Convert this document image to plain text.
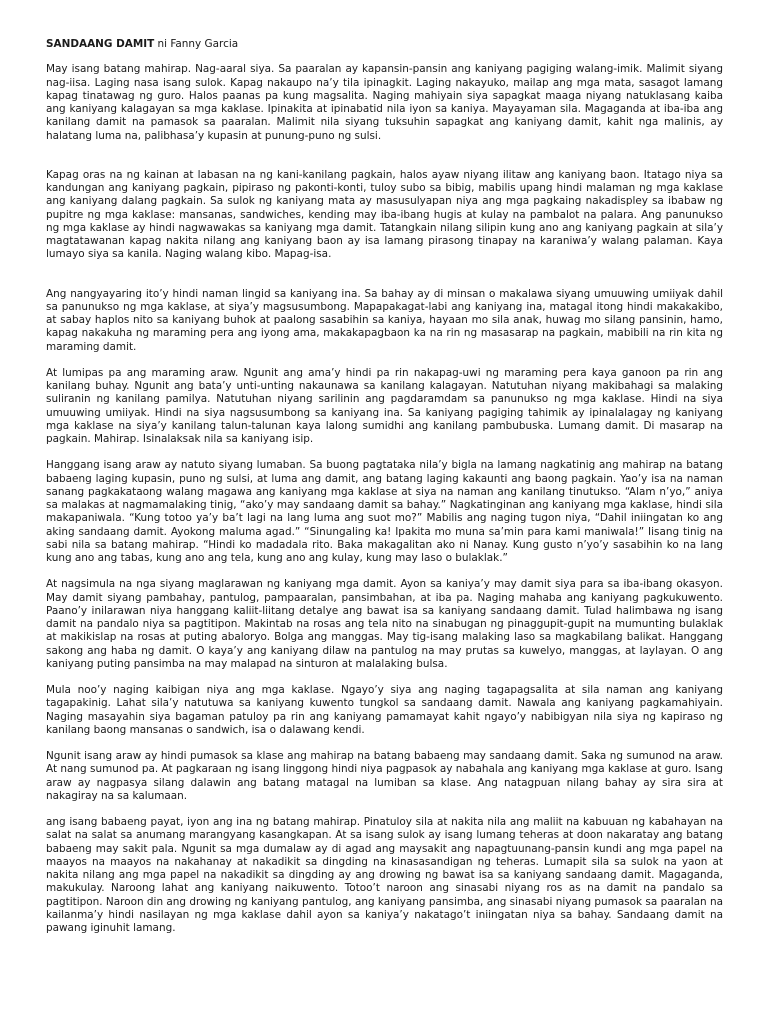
SANDAANG DAMIT ni Fanny Garcia

May isang batang mahirap. Nag-aaral siya. Sa paaralan ay kapansin-pansin ang kaniyang pagiging walang-imik. Malimit siyang nag-iisa. Laging nasa isang sulok. Kapag nakaupo na’y tila ipinagkit. Laging nakayuko, mailap ang mga mata, sasagot lamang kapag tinatawag ng guro. Halos paanas pa kung magsalita. Naging mahiyain siya sapagkat maaga niyang natuklasang kaiba ang kaniyang kalagayan sa mga kaklase. Ipinakita at ipinabatid nila iyon sa kaniya. Mayayaman sila. Magaganda at iba-iba ang kanilang damit na pamasok sa paaralan. Malimit nila siyang tuksuhin sapagkat ang kaniyang damit, kahit nga malinis, ay halatang luma na, palibhasa’y kupasin at punung-puno ng sulsi.

Kapag oras na ng kainan at labasan na ng kani-kanilang pagkain, halos ayaw niyang ilitaw ang kaniyang baon. Itatago niya sa kandungan ang kaniyang pagkain, pipiraso ng pakonti-konti, tuloy subo sa bibig, mabilis upang hindi malaman ng mga kaklase ang kaniyang dalang pagkain. Sa sulok ng kaniyang mata ay masusulyapan niya ang mga pagkaing nakadispley sa ibabaw ng pupitre ng mga kaklase: mansanas, sandwiches, kending may iba-ibang hugis at kulay na pambalot na palara. Ang panunukso ng mga kaklase ay hindi nagwawakas sa kaniyang mga damit. Tatangkain nilang silipin kung ano ang kaniyang pagkain at sila’y magtatawanan kapag nakita nilang ang kaniyang baon ay isa lamang pirasong tinapay na karaniwa’y walang palaman. Kaya lumayo siya sa kanila. Naging walang kibo. Mapag-isa.

Ang nangyayaring ito’y hindi naman lingid sa kaniyang ina. Sa bahay ay di minsan o makalawa siyang umuuwing umiiyak dahil sa panunukso ng mga kaklase, at siya’y magsusumbong. Mapapakagat-labi ang kaniyang ina, matagal itong hindi makakakibo, at sabay haplos nito sa kaniyang buhok at paalong sasabihin sa kaniya, hayaan mo sila anak, huwag mo silang pansinin, hamo, kapag nakakuha ng maraming pera ang iyong ama, makakapagbaon ka na rin ng masasarap na pagkain, mabibili na rin kita ng maraming damit.

At lumipas pa ang maraming araw. Ngunit ang ama’y hindi pa rin nakapag-uwi ng maraming pera kaya ganoon pa rin ang kanilang buhay. Ngunit ang bata’y unti-unting nakaunawa sa kanilang kalagayan. Natutuhan niyang makibahagi sa malaking suliranin ng kanilang pamilya. Natutuhan niyang sarilinin ang pagdaramdam sa panunukso ng mga kaklase. Hindi na siya umuuwing umiiyak. Hindi na siya nagsusumbong sa kaniyang ina. Sa kaniyang pagiging tahimik ay ipinalalagay ng kaniyang mga kaklase na siya’y kanilang talun-talunan kaya lalong sumidhi ang kanilang pambubuska. Lumang damit. Di masarap na pagkain. Mahirap. Isinalaksak nila sa kaniyang isip.

Hanggang isang araw ay natuto siyang lumaban. Sa buong pagtataka nila’y bigla na lamang nagkatinig ang mahirap na batang babaeng laging kupasin, puno ng sulsi, at luma ang damit, ang batang laging kakaunti ang baong pagkain. Yao’y isa na naman sanang pagkakataong walang magawa ang kaniyang mga kaklase at siya na naman ang kanilang tinutukso. “Alam n’yo,” aniya sa malakas at nagmamalaking tinig, “ako’y may sandaang damit sa bahay.” Nagkatinginan ang kaniyang mga kaklase, hindi sila makapaniwala. “Kung totoo ya’y ba’t lagi na lang luma ang suot mo?” Mabilis ang naging tugon niya, “Dahil iniingatan ko ang aking sandaang damit. Ayokong maluma agad.” “Sinungaling ka! Ipakita mo muna sa’min para kami maniwala!” Iisang tinig na sabi nila sa batang mahirap. “Hindi ko madadala rito. Baka makagalitan ako ni Nanay. Kung gusto n’yo’y sasabihin ko na lang kung ano ang tabas, kung ano ang tela, kung ano ang kulay, kung may laso o bulaklak.”

At nagsimula na nga siyang maglarawan ng kaniyang mga damit. Ayon sa kaniya’y may damit siya para sa iba-ibang okasyon. May damit siyang pambahay, pantulog, pampaaralan, pansimbahan, at iba pa. Naging mahaba ang kaniyang pagkukuwento. Paano’y inilarawan niya hanggang kaliit-liitang detalye ang bawat isa sa kaniyang sandaang damit. Tulad halimbawa ng isang damit na pandalo niya sa pagtitipon. Makintab na rosas ang tela nito na sinabugan ng pinaggupit-gupit na mumunting bulaklak at makikislap na rosas at puting abaloryo. Bolga ang manggas. May tig-isang malaking laso sa magkabilang balikat. Hanggang sakong ang haba ng damit. O kaya’y ang kaniyang dilaw na pantulog na may prutas sa kuwelyo, manggas, at laylayan. O ang kaniyang puting pansimba na may malapad na sinturon at malalaking bulsa.

Mula noo’y naging kaibigan niya ang mga kaklase. Ngayo’y siya ang naging tagapagsalita at sila naman ang kaniyang tagapakinig. Lahat sila’y natutuwa sa kaniyang kuwento tungkol sa sandaang damit. Nawala ang kaniyang pagkamahiyain. Naging masayahin siya bagaman patuloy pa rin ang kaniyang pamamayat kahit ngayo’y nabibigyan nila siya ng kapiraso ng kanilang baong mansanas o sandwich, isa o dalawang kendi.

Ngunit isang araw ay hindi pumasok sa klase ang mahirap na batang babaeng may sandaang damit. Saka ng sumunod na araw. At nang sumunod pa. At pagkaraan ng isang linggong hindi niya pagpasok ay nabahala ang kaniyang mga kaklase at guro. Isang araw ay nagpasya silang dalawin ang batang matagal na lumiban sa klase. Ang natagpuan nilang bahay ay sira sira at nakagiray na sa kalumaan.

ang isang babaeng payat, iyon ang ina ng batang mahirap. Pinatuloy sila at nakita nila ang maliit na kabuuan ng kabahayan na salat na salat sa anumang marangyang kasangkapan. At sa isang sulok ay isang lumang teheras at doon nakaratay ang batang babaeng may sakit pala. Ngunit sa mga dumalaw ay di agad ang maysakit ang napagtuunang-pansin kundi ang mga papel na maayos na maayos na nakahanay at nakadikit sa dingding na kinasasandigan ng teheras. Lumapit sila sa sulok na yaon at nakita nilang ang mga papel na nakadikit sa dingding ay ang drowing ng bawat isa sa kaniyang sandaang damit. Magaganda, makukulay. Naroong lahat ang kaniyang naikuwento. Totoo’t naroon ang sinasabi niyang ros as na damit na pandalo sa pagtitipon. Naroon din ang drowing ng kaniyang pantulog, ang kaniyang pansimba, ang sinasabi niyang pumasok sa paaralan na kailanma’y hindi nasilayan ng mga kaklase dahil ayon sa kaniya’y nakatago’t iniingatan niya sa bahay. Sandaang damit na pawang iginuhit lamang.
